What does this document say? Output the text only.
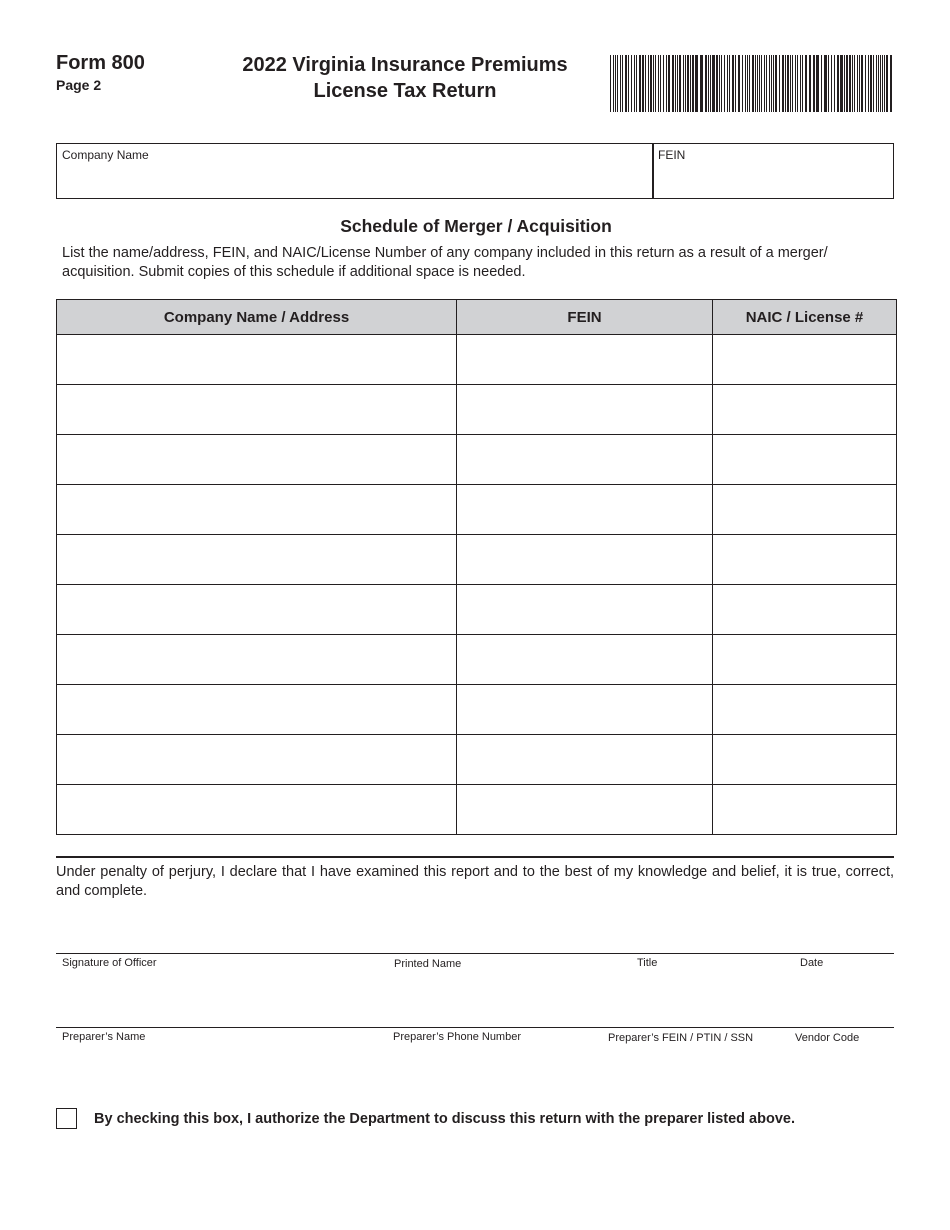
Form 800
Page 2
2022 Virginia Insurance Premiums
License Tax Return
Company Name	FEIN
Schedule of Merger / Acquisition
List the name/address, FEIN, and NAIC/License Number of any company included in this return as a result of a merger/ acquisition. Submit copies of this schedule if additional space is needed.
Company Name / Address	FEIN	NAIC / License #

Under penalty of perjury, I declare that I have examined this report and to the best of my knowledge and belief, it is true, correct, and complete.
Signature of Officer	Printed Name	Title	Date
Preparer’s Name	Preparer’s Phone Number	Preparer’s FEIN / PTIN / SSN	Vendor Code
By checking this box, I authorize the Department to discuss this return with the preparer listed above.
